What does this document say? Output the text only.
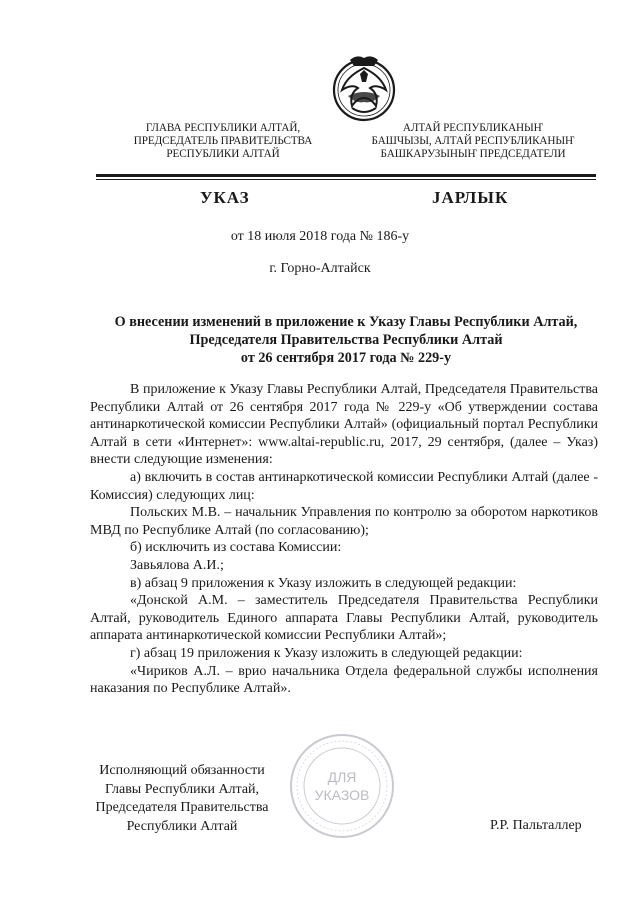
ГЛАВА РЕСПУБЛИКИ АЛТАЙ,
ПРЕДСЕДАТЕЛЬ ПРАВИТЕЛЬСТВА
РЕСПУБЛИКИ АЛТАЙ
АЛТАЙ РЕСПУБЛИКАНЫҤ
БАШЧЫЗЫ, АЛТАЙ РЕСПУБЛИКАНЫҤ
БАШКАРУЗЫНЫҤ ПРЕДСЕДАТЕЛИ
УКАЗ	JАРЛЫК
от 18 июля 2018 года № 186-у
г. Горно-Алтайск
О внесении изменений в приложение к Указу Главы Республики Алтай,
Председателя Правительства Республики Алтай
от 26 сентября 2017 года № 229-у

В приложение к Указу Главы Республики Алтай, Председателя Правительства Республики Алтай от 26 сентября 2017 года № 229-у «Об утверждении состава антинаркотической комиссии Республики Алтай» (официальный портал Республики Алтай в сети «Интернет»: www.altai-republic.ru, 2017, 29 сентября, (далее – Указ) внести следующие изменения:

а) включить в состав антинаркотической комиссии Республики Алтай (далее - Комиссия) следующих лиц:

Польских М.В. – начальник Управления по контролю за оборотом наркотиков МВД по Республике Алтай (по согласованию);

б) исключить из состава Комиссии:

Завьялова А.И.;

в) абзац 9 приложения к Указу изложить в следующей редакции:

«Донской А.М. – заместитель Председателя Правительства Республики Алтай, руководитель Единого аппарата Главы Республики Алтай, руководитель аппарата антинаркотической комиссии Республики Алтай»;

г) абзац 19 приложения к Указу изложить в следующей редакции:

«Чириков А.Л. – врио начальника Отдела федеральной службы исполнения наказания по Республике Алтай».

ДЛЯ
УКАЗОВ
Исполняющий обязанности
Главы Республики Алтай,
Председателя Правительства
Республики Алтай	Р.Р. Пальталлер
